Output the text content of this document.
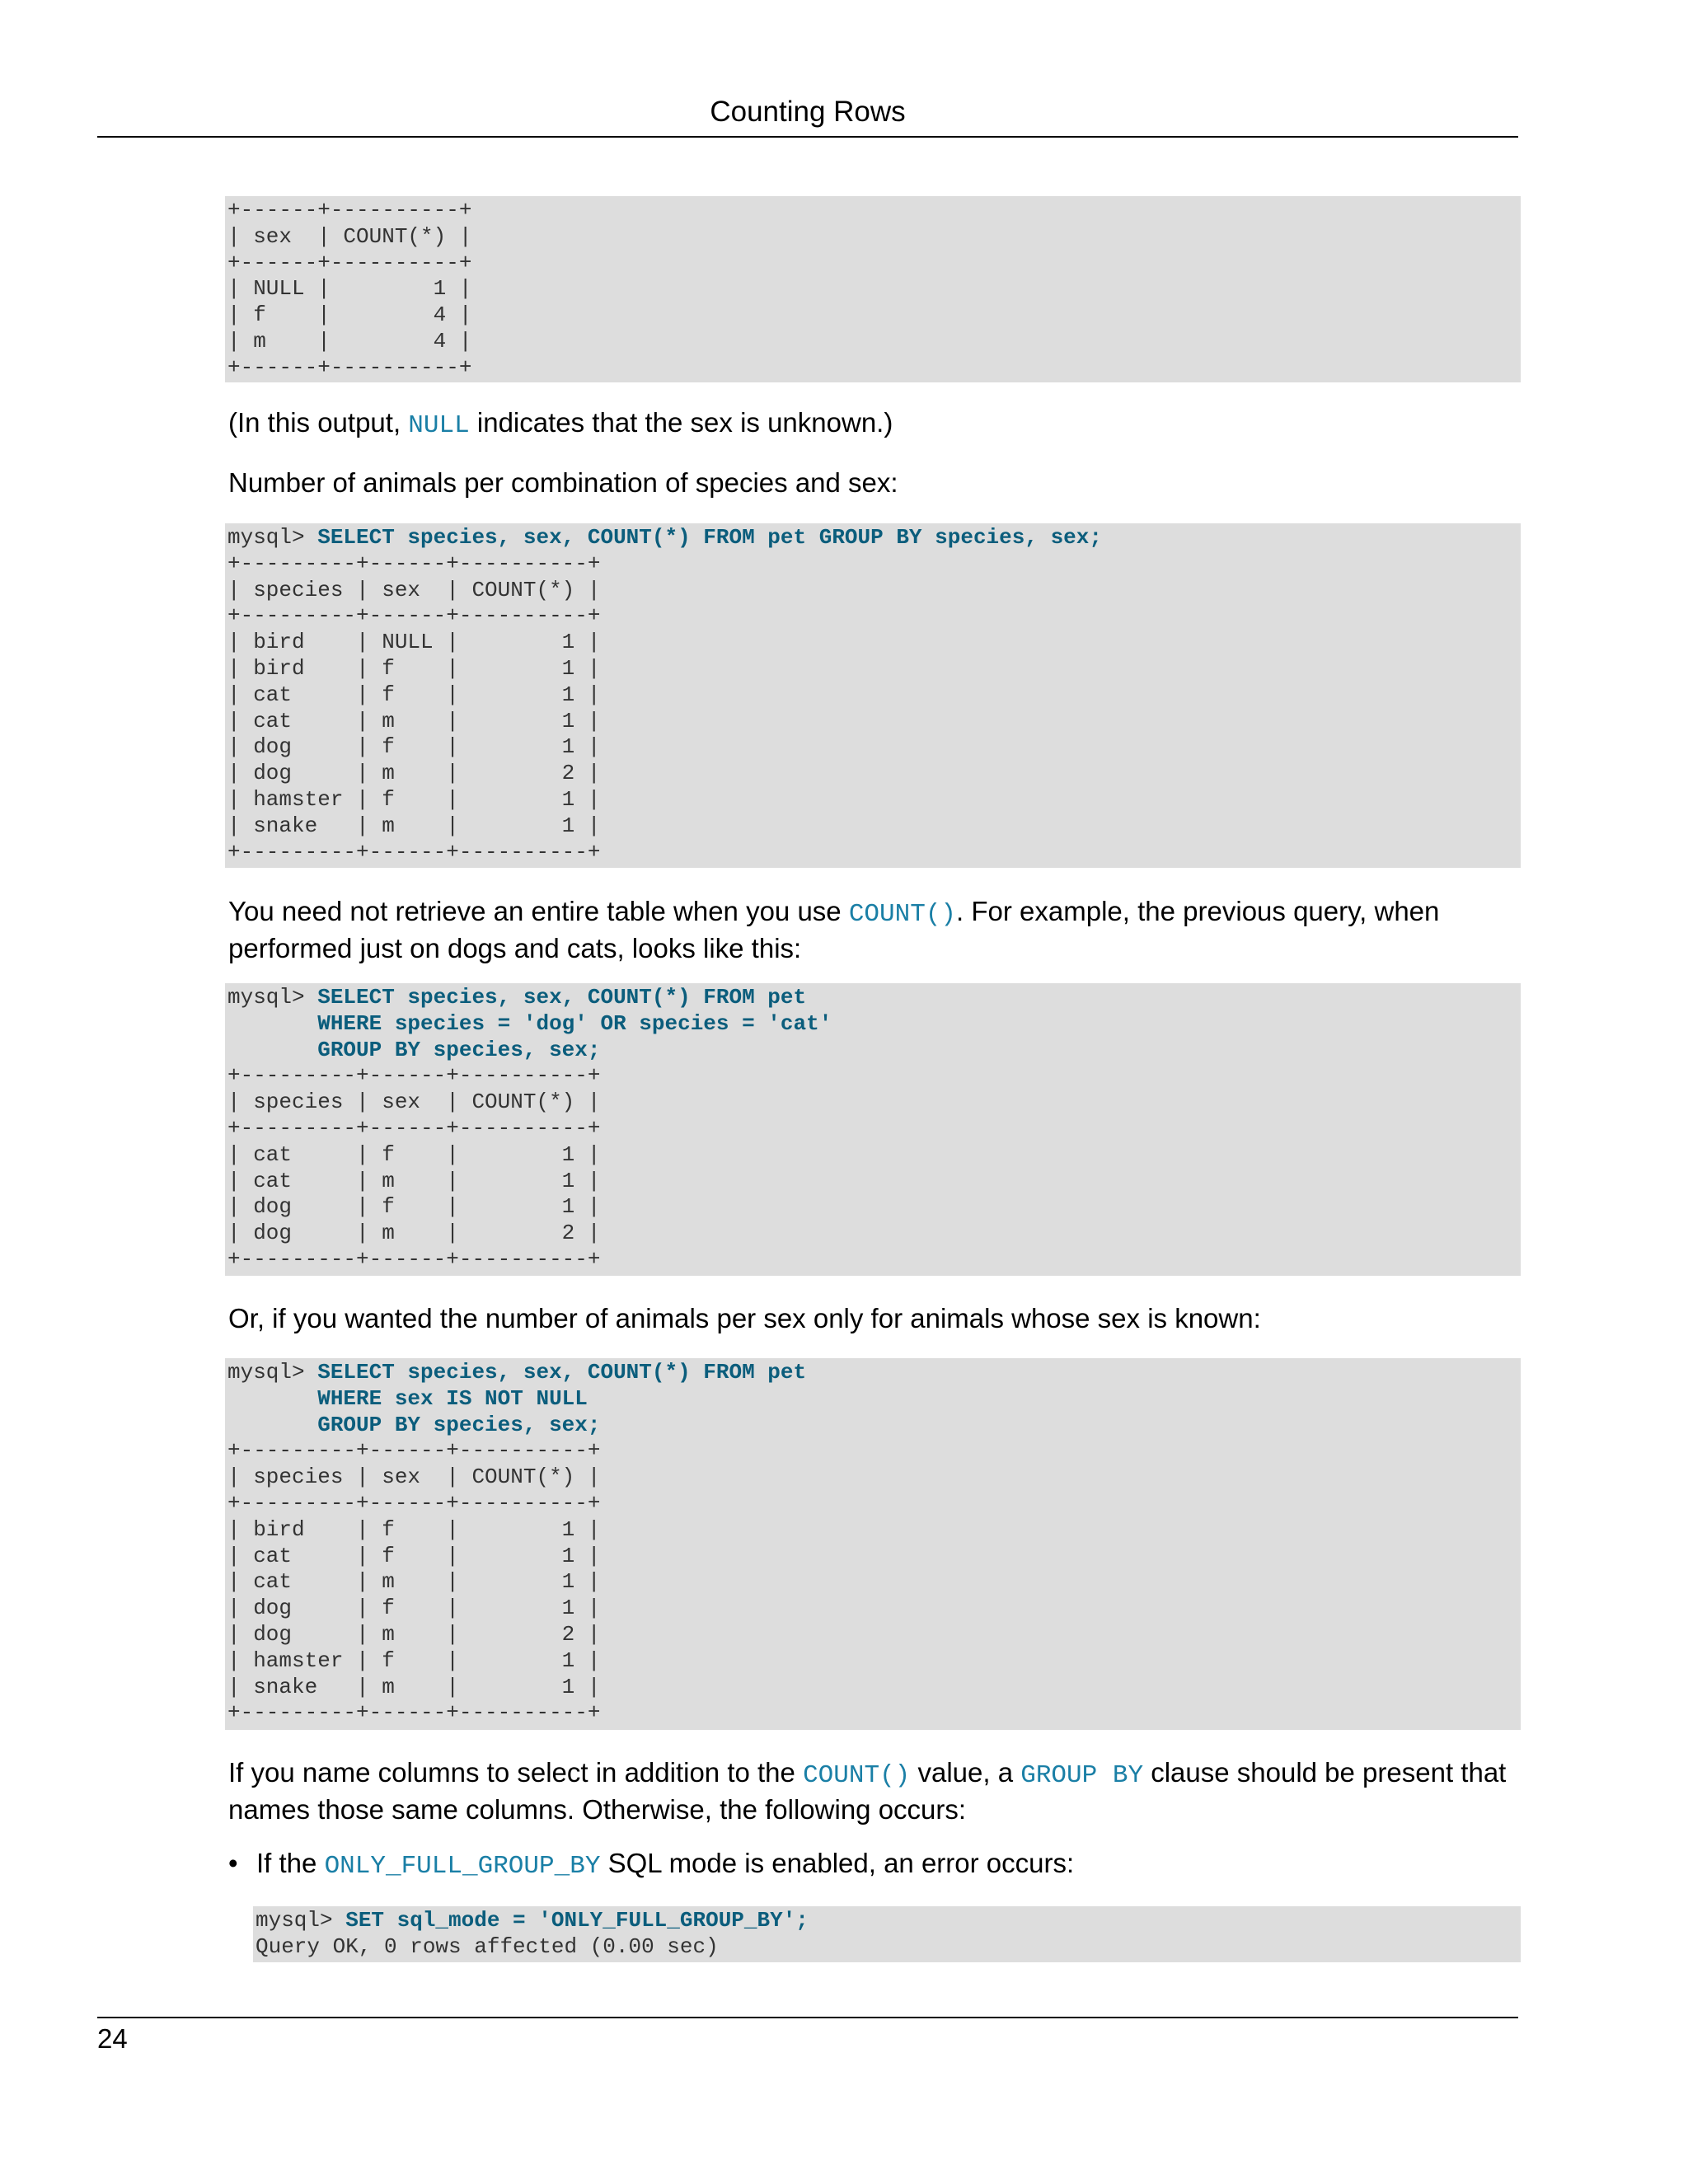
Counting Rows
+------+----------+
| sex  | COUNT(*) |
+------+----------+
| NULL |        1 |
| f    |        4 |
| m    |        4 |
+------+----------+
(In this output, NULL indicates that the sex is unknown.)
Number of animals per combination of species and sex:
mysql> SELECT species, sex, COUNT(*) FROM pet GROUP BY species, sex;
+---------+------+----------+
| species | sex  | COUNT(*) |
+---------+------+----------+
| bird    | NULL |        1 |
| bird    | f    |        1 |
| cat     | f    |        1 |
| cat     | m    |        1 |
| dog     | f    |        1 |
| dog     | m    |        2 |
| hamster | f    |        1 |
| snake   | m    |        1 |
+---------+------+----------+
You need not retrieve an entire table when you use COUNT(). For example, the previous query, when performed just on dogs and cats, looks like this:
mysql> SELECT species, sex, COUNT(*) FROM pet
WHERE species = 'dog' OR species = 'cat'
GROUP BY species, sex;
+---------+------+----------+
| species | sex  | COUNT(*) |
+---------+------+----------+
| cat     | f    |        1 |
| cat     | m    |        1 |
| dog     | f    |        1 |
| dog     | m    |        2 |
+---------+------+----------+
Or, if you wanted the number of animals per sex only for animals whose sex is known:
mysql> SELECT species, sex, COUNT(*) FROM pet
WHERE sex IS NOT NULL
GROUP BY species, sex;
+---------+------+----------+
| species | sex  | COUNT(*) |
+---------+------+----------+
| bird    | f    |        1 |
| cat     | f    |        1 |
| cat     | m    |        1 |
| dog     | f    |        1 |
| dog     | m    |        2 |
| hamster | f    |        1 |
| snake   | m    |        1 |
+---------+------+----------+
If you name columns to select in addition to the COUNT() value, a GROUP BY clause should be present that names those same columns. Otherwise, the following occurs:
• If the ONLY_FULL_GROUP_BY SQL mode is enabled, an error occurs:
mysql> SET sql_mode = 'ONLY_FULL_GROUP_BY';
Query OK, 0 rows affected (0.00 sec)
24
